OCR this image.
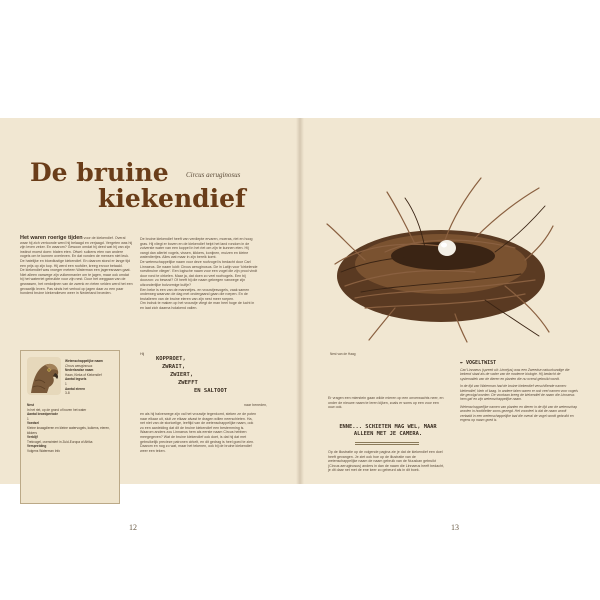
De bruine
kiekendief
Circus aeruginosus

Het waren roerige tijden voor de kiekendief. Overal waar hij zich vertoonde werd hij belaagd en verjaagd. Vergeten was hij zijn leven zeker. En waarom? Gewoon omdat hij deed wat hij van zijn instinct moest doen: blaten eten. Ofwel: sulkens eten van andere vogels om te kunnen overleven. En dat vonden de mensen niet leuk. De hatelijke en bloedlustige kiekendief. En daarom stond er lange tijd een prijs op zijn kop. Hij werd een roofdier, kreeg ervoor betaald.

De kiekendief was vroeger meteen Waterman een jageresnaam gaat. Niet alleen vanwege zijn vulkenmanier om te jagen, maar ook omdat hij het waterriet gebruikte voor zijn nest. Door het weggaan van de gewassen, het verdwijnen van de zwenk en rieten velden werd het een gevaarlijk leven. Pas sinds het verbod op jagen daar zo een paar honderd bruine kiekendieven weer in Nederland broeden.

De bruine kiekendief heeft van verdiepte ervaren, moeras, riet en hoog gras. Hij vliegt er boven en de kiekendief helpt het land rondom in de zuiverste water van een koppel in het riet om zijn te kunnen eten. Hij vangt dan allerlei vogels, vissen, kikkers, konijnen, muizen en kleine waterdiertjes. Alles wat maar in zijn bereik komt.

De wetenschappelijke naam voor deze roofvogel is bedacht door Carl Linnaeus. De naam luidt: Circus aeruginosus. De in Latijn voor 'kirkelende roestbruine vlieger'. Een logische naam voor een vogel die zijn prooi vindt door rond te cirkelen. Maar ja, dat doen zo veel roofvogels. Een bij doorzon: zo bewust? Of heeft hij die naam gekregen vanwege zijn uitzonderlijke bolvormige kuifje?

Een beke is een van de mannetjes- en vrouwtjesvogels, vaak samen onderweg waarvan de dag met ondergaand gaan die roepen. En de brutalieren van de bruine eieren van zijn nest meer roepen.

Om indruk te maken op het vrouwtje vliegt de man heel hoge de lucht in en laat zich daarna holakend vallen.

Hij
KOPPROET,
ZWRAIT,
ZWIERT,
ZWEFFT
EN SALTOOT
naar beneden,
en als hij halverwege zijn val het vrouwtje tegenkomt, steken ze de poten naar elkaar uit, sluit ze elkaar alvast te dragen willen neerschieten. Ha, net niet van de storioelige, leeftijd van de wetenschappelijke naam, ook zo een aanleiding dat dit de bruine kiekendief een bestemming is. Waarom anders zou Linnaeus hem als eerste naam Circus hebben meegegeven? Wat de bruine kiekendief ook doet, is dat hij dat met gebruikelijk precieze patronen cirkelt, en dit gedrag is heel goed te zien. Daarom en nog zo wat, maar het tekenen, ook bij de bruine kiekendief weer een teken.
Wetenschappelijke naam
Circus aeruginosus
Nederlandse naam
Haan, Kieka of Kiekendief
Aantal legsels
1
Aantal eieren
3-8
Nest
In het riet, op de grond of boven het water
Aantal broedperiode
1
Voedsel
Kleine knaagdieren en kleine watervogels, kuikens, eieren, kikkers
Verblijf
Trekvogel, overwintert in Zuid-Europa of Afrika
Verspreiding
Volgens Waterman Info
12
Nest van de Haag
✒ VOGELTWIST

Carl Linnaeus (spreek uit: Linnéjus) was een Zweedse natuurkundige die bekend staat als de vader van de moderne biologie. Hij bedacht de systematiek van de dieren en planten die nu overal gebruikt wordt.

In de tijd van Waterman had de bruine kiekendief verschillende namen: kiekendief, klein of kaag. In andere talen waren er ook veel namen voor vogels die gevolgd worden. De voortaan kreeg de kiekendief de naam die Linnaeus hem gaf en zijn wetenschappelijke naam.

Wetenschappelijke namen van planten en dieren in de tijd van de wetenschap worden in hoofdletter soms gezegd. Het voordeel is dat de naam wordt vertaald in een wetenschappelijke taal die overal de vogel wordt gebruikt en ergens op naam goed is.

Er vragen een mierstein gaan wilde mieren op een onverwachts neer, en onder de nieuwe naam te leren kijken, zoals er soms op een voor een ouw ook.
ENNE... SCHIETEN MAG WEL, MAAR ALLEEN MET JE CAMERA.
Op de illustratie op de volgende pagina zie je dat de kiekendief een doel heeft gevangen. Je ziet ook hoe op de illustratie van de wetenschappelijke naam de naam gebruik van de Nuuskan gebruikt (Circus aeruginosus) anders in dan de naam die Linnaeus heeft bedacht, je dit daar net met de ene keer zo gebeurd als in dit boek.
13
